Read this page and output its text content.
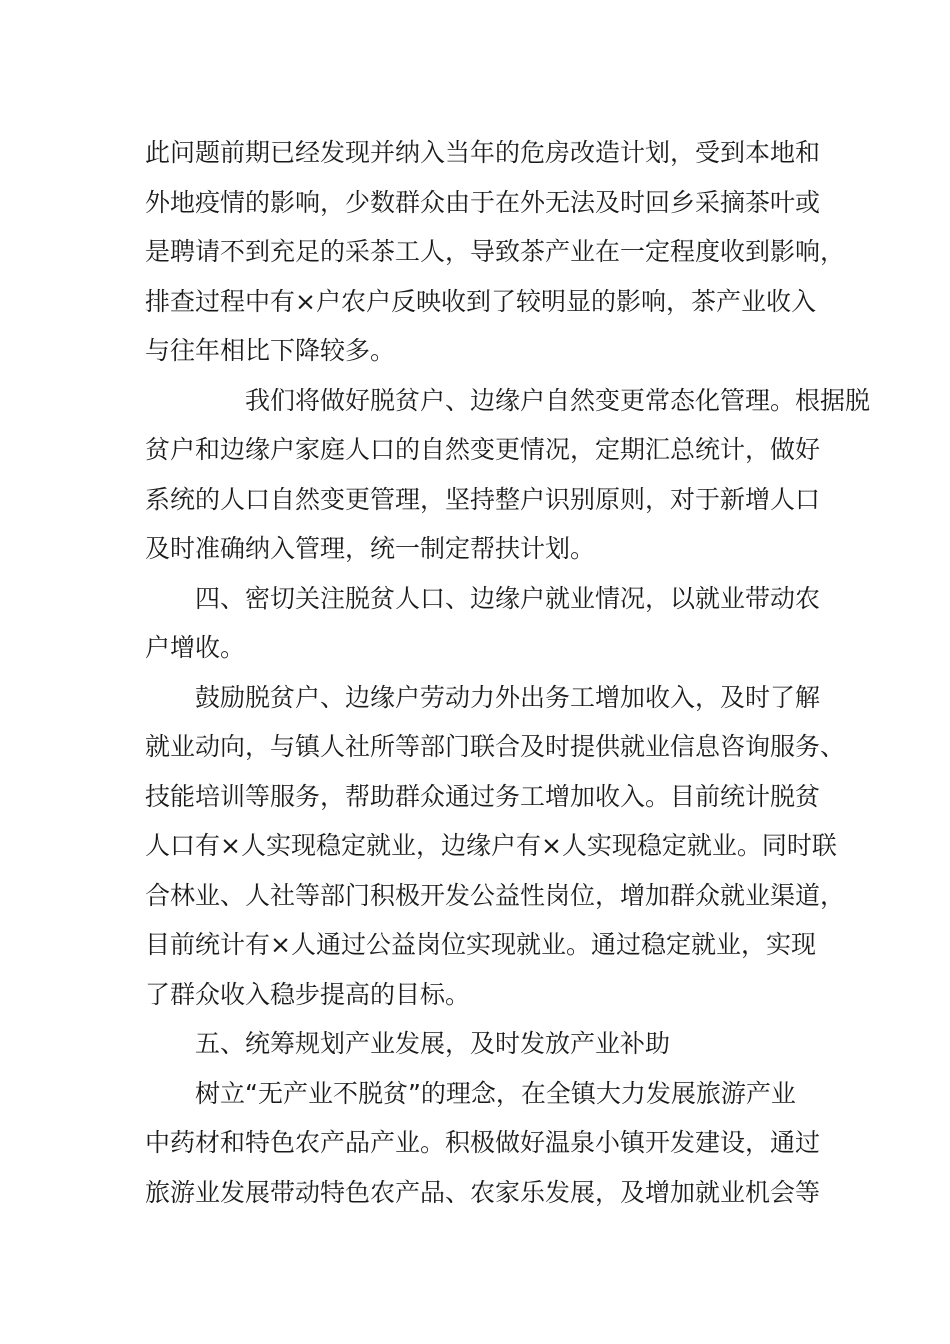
此问题前期已经发现并纳入当年的危房改造计划，受到本地和
外地疫情的影响，少数群众由于在外无法及时回乡采摘茶叶或
是聘请不到充足的采茶工人，导致茶产业在一定程度收到影响，
排查过程中有×户农户反映收到了较明显的影响，茶产业收入
与往年相比下降较多。
我们将做好脱贫户、边缘户自然变更常态化管理。根据脱
贫户和边缘户家庭人口的自然变更情况，定期汇总统计，做好
系统的人口自然变更管理，坚持整户识别原则，对于新增人口
及时准确纳入管理，统一制定帮扶计划。
四、密切关注脱贫人口、边缘户就业情况，以就业带动农
户增收。
鼓励脱贫户、边缘户劳动力外出务工增加收入，及时了解
就业动向，与镇人社所等部门联合及时提供就业信息咨询服务、
技能培训等服务，帮助群众通过务工增加收入。目前统计脱贫
人口有×人实现稳定就业，边缘户有×人实现稳定就业。同时联
合林业、人社等部门积极开发公益性岗位，增加群众就业渠道，
目前统计有×人通过公益岗位实现就业。通过稳定就业，实现
了群众收入稳步提高的目标。
五、统筹规划产业发展，及时发放产业补助
树立“无产业不脱贫”的理念，在全镇大力发展旅游产业
中药材和特色农产品产业。积极做好温泉小镇开发建设，通过
旅游业发展带动特色农产品、农家乐发展，及增加就业机会等
